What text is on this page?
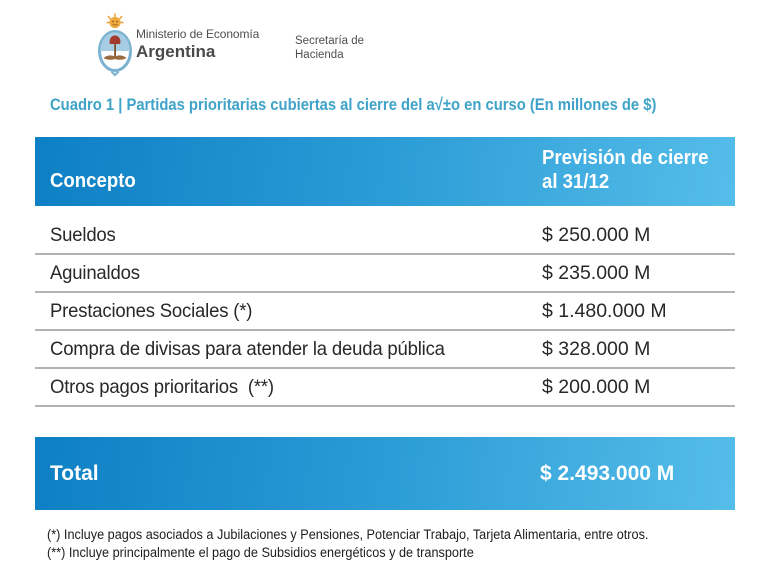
Ministerio de Economía
Argentina
Secretaría de
Hacienda
Cuadro 1 | Partidas prioritarias cubiertas al cierre del a√±o en curso (En millones de $)
Concepto
Previsión de cierre
al 31/12
Sueldos	$ 250.000 M
Aguinaldos	$ 235.000 M
Prestaciones Sociales (*)	$ 1.480.000 M
Compra de divisas para atender la deuda pública	$ 328.000 M
Otros pagos prioritarios  (**)	$ 200.000 M
Total	$ 2.493.000 M
(*) Incluye pagos asociados a Jubilaciones y Pensiones, Potenciar Trabajo, Tarjeta Alimentaria, entre otros.
(**) Incluye principalmente el pago de Subsidios energéticos y de transporte
